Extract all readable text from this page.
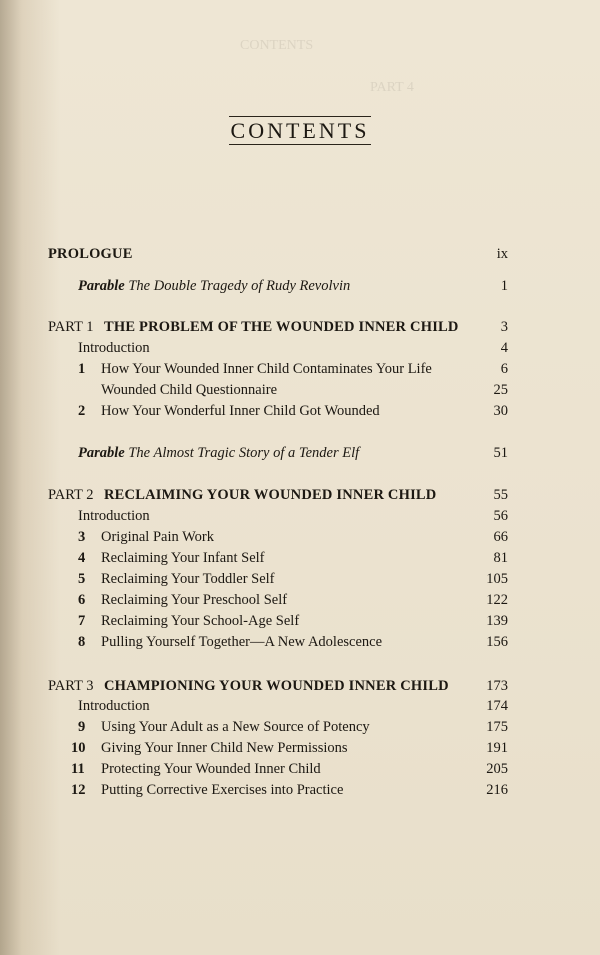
CONTENTS
PART 4
CONTENTS
PROLOGUE	ix
Parable The Double Tragedy of Rudy Revolvin	1
PART 1 THE PROBLEM OF THE WOUNDED INNER CHILD	3
Introduction	4
1 How Your Wounded Inner Child Contaminates Your Life	6
Wounded Child Questionnaire	25
2 How Your Wonderful Inner Child Got Wounded	30
Parable The Almost Tragic Story of a Tender Elf	51
PART 2 RECLAIMING YOUR WOUNDED INNER CHILD	55
Introduction	56
3 Original Pain Work	66
4 Reclaiming Your Infant Self	81
5 Reclaiming Your Toddler Self	105
6 Reclaiming Your Preschool Self	122
7 Reclaiming Your School-Age Self	139
8 Pulling Yourself Together—A New Adolescence	156
PART 3 CHAMPIONING YOUR WOUNDED INNER CHILD	173
Introduction	174
9 Using Your Adult as a New Source of Potency	175
10 Giving Your Inner Child New Permissions	191
11 Protecting Your Wounded Inner Child	205
12 Putting Corrective Exercises into Practice	216
